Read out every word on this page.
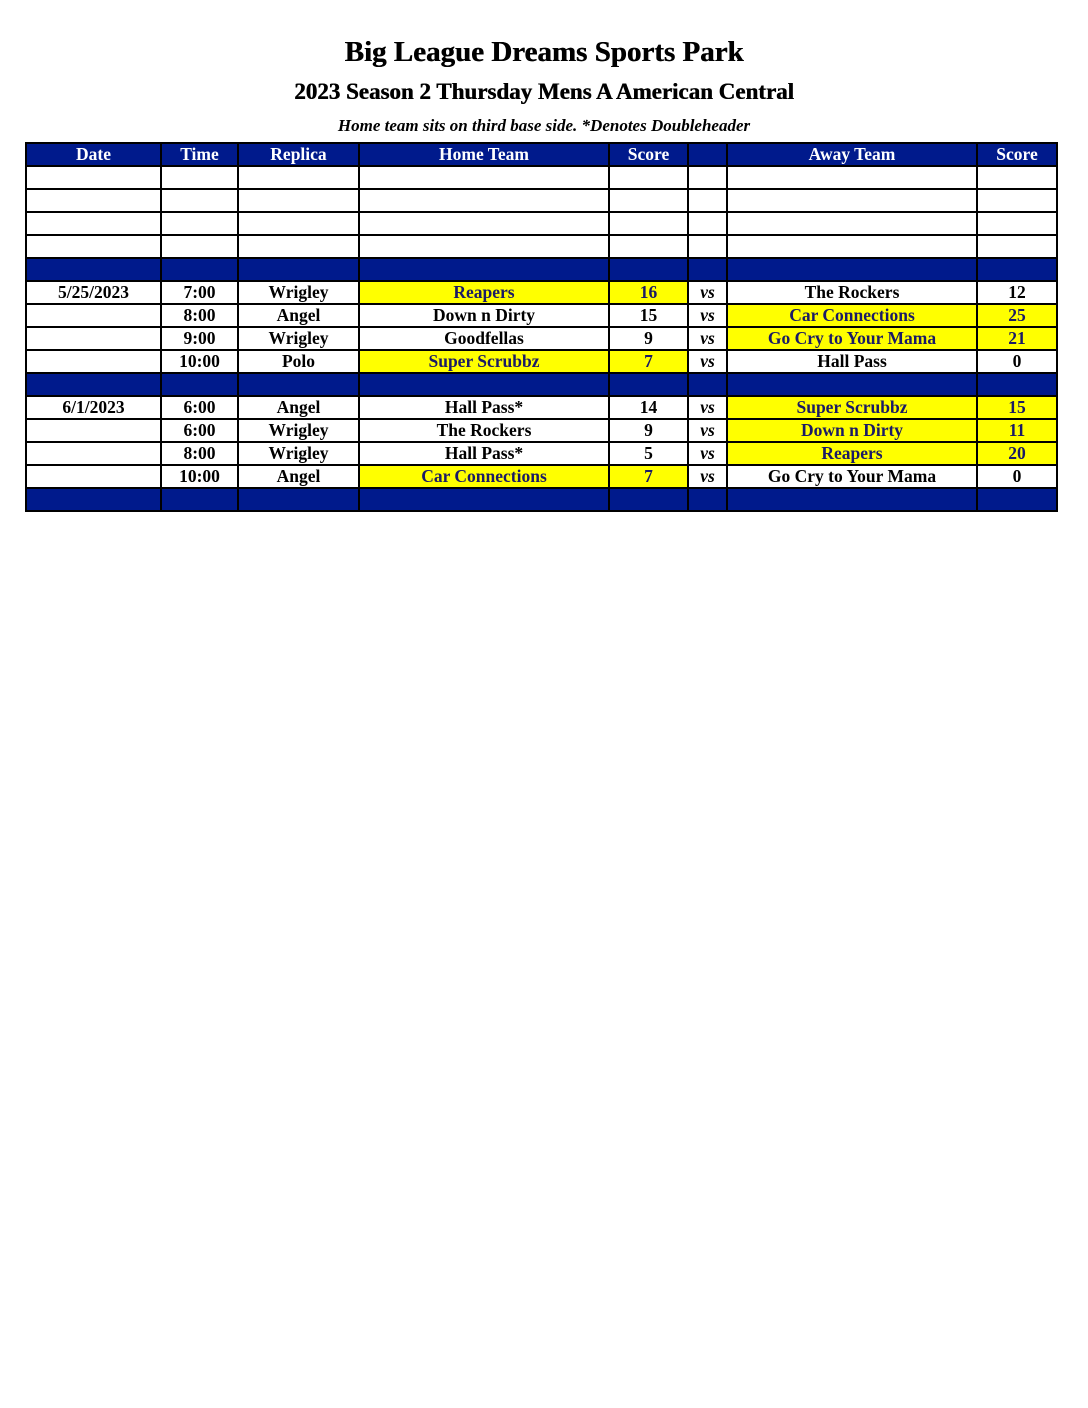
Big League Dreams Sports Park
2023 Season 2 Thursday Mens A American Central
Home team sits on third base side. *Denotes Doubleheader
Date	Time	Replica	Home Team	Score		Away Team	Score

5/25/2023	7:00	Wrigley	Reapers	16	vs	The Rockers	12
	8:00	Angel	Down n Dirty	15	vs	Car Connections	25
	9:00	Wrigley	Goodfellas	9	vs	Go Cry to Your Mama	21
	10:00	Polo	Super Scrubbz	7	vs	Hall Pass	0

6/1/2023	6:00	Angel	Hall Pass*	14	vs	Super Scrubbz	15
	6:00	Wrigley	The Rockers	9	vs	Down n Dirty	11
	8:00	Wrigley	Hall Pass*	5	vs	Reapers	20
	10:00	Angel	Car Connections	7	vs	Go Cry to Your Mama	0
